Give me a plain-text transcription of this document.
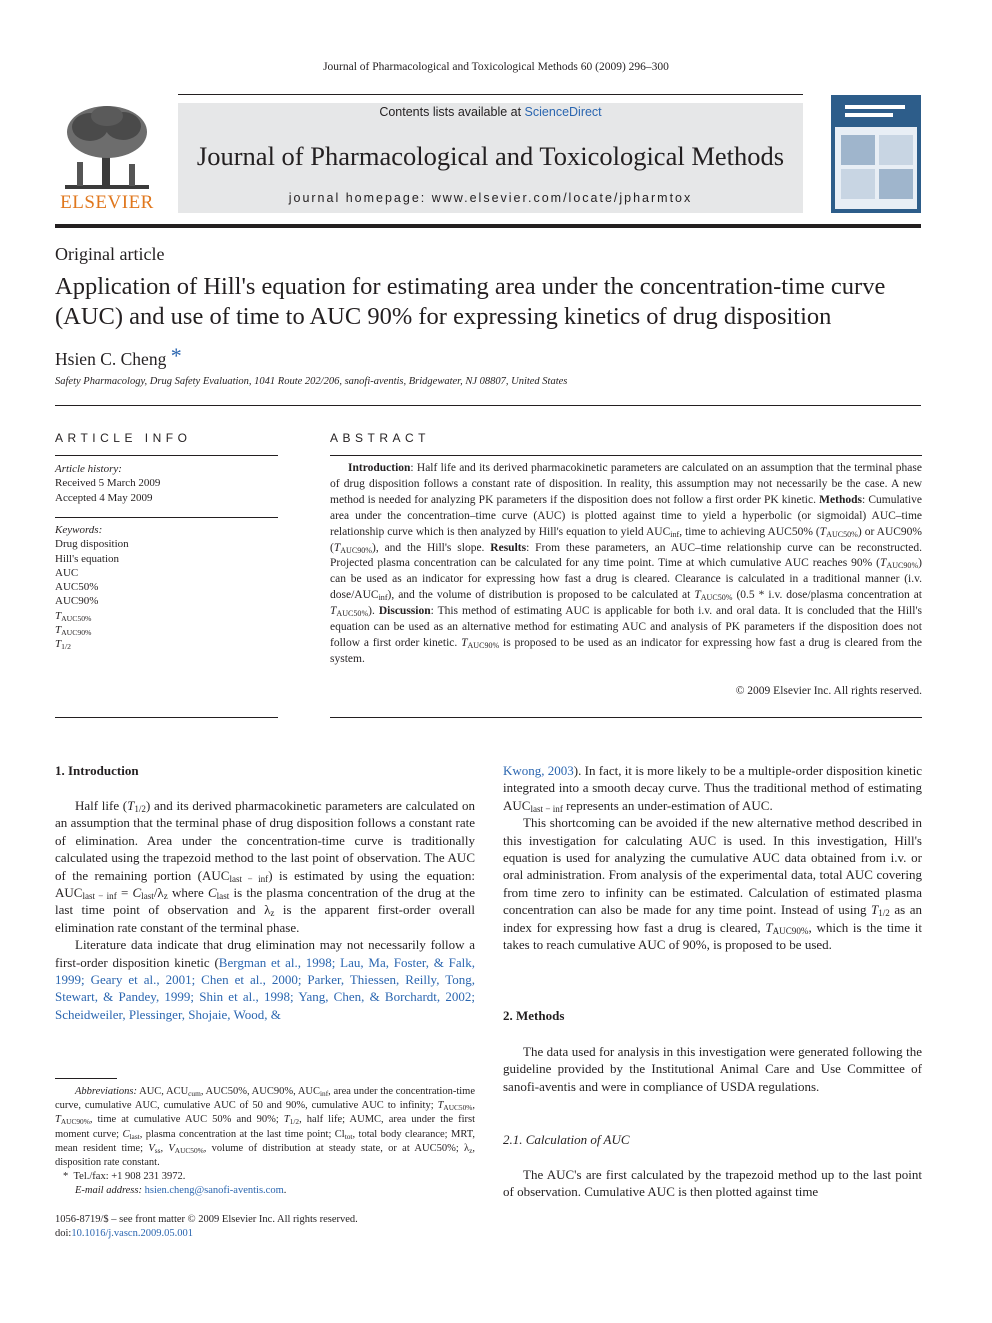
Journal of Pharmacological and Toxicological Methods 60 (2009) 296–300
ELSEVIER
Contents lists available at ScienceDirect
Journal of Pharmacological and Toxicological Methods
journal homepage: www.elsevier.com/locate/jpharmtox
Original article
Application of Hill's equation for estimating area under the concentration-time curve (AUC) and use of time to AUC 90% for expressing kinetics of drug disposition
Hsien C. Cheng *
Safety Pharmacology, Drug Safety Evaluation, 1041 Route 202/206, sanofi-aventis, Bridgewater, NJ 08807, United States
ARTICLE INFO
Article history:
Received 5 March 2009
Accepted 4 May 2009
Keywords:
Drug disposition
Hill's equation
AUC
AUC50%
AUC90%
$T_{AUC50\%}$
$T_{AUC90\%}$
$T_{1/2}$
ABSTRACT
Introduction: Half life and its derived pharmacokinetic parameters are calculated on an assumption that the terminal phase of drug disposition follows a constant rate of disposition. In reality, this assumption may not necessarily be the case. A new method is needed for analyzing PK parameters if the disposition does not follow a first order PK kinetic. Methods: Cumulative area under the concentration–time curve (AUC) is plotted against time to yield a hyperbolic (or sigmoidal) AUC–time relationship curve which is then analyzed by Hill's equation to yield $AUC_{inf}$, time to achieving AUC50% $(T_{AUC50\%})$ or AUC90% $(T_{AUC90\%})$, and the Hill's slope. Results: From these parameters, an AUC–time relationship curve can be reconstructed. Projected plasma concentration can be calculated for any time point. Time at which cumulative AUC reaches 90% $(T_{AUC90\%})$ can be used as an indicator for expressing how fast a drug is cleared. Clearance is calculated in a traditional manner (i.v. dose/$AUC_{inf}$), and the volume of distribution is proposed to be calculated at $T_{AUC50\%}$ (0.5 * i.v. dose/plasma concentration at $T_{AUC50\%}$). Discussion: This method of estimating AUC is applicable for both i.v. and oral data. It is concluded that the Hill's equation can be used as an alternative method for estimating AUC and analysis of PK parameters if the disposition does not follow a first order kinetic. $T_{AUC90\%}$ is proposed to be used as an indicator for expressing how fast a drug is cleared from the system.
© 2009 Elsevier Inc. All rights reserved.
1. Introduction

Half life $(T_{1/2})$ and its derived pharmacokinetic parameters are calculated on an assumption that the terminal phase of drug disposition follows a constant rate of elimination. Area under the concentration-time curve is traditionally calculated using the trapezoid method to the last point of observation. The AUC of the remaining portion $(AUC_{last - inf})$ is estimated by using the equation: $AUC_{last - inf} = C_{last}/\lambda_z$ where $C_{last}$ is the plasma concentration of the drug at the last time point of observation and $\lambda_z$ is the apparent first-order overall elimination rate constant of the terminal phase.

Literature data indicate that drug elimination may not necessarily follow a first-order disposition kinetic (Bergman et al., 1998; Lau, Ma, Foster, & Falk, 1999; Geary et al., 2001; Chen et al., 2000; Parker, Thiessen, Reilly, Tong, Stewart, & Pandey, 1999; Shin et al., 1998; Yang, Chen, & Borchardt, 2002; Scheidweiler, Plessinger, Shojaie, Wood, &

Abbreviations: AUC, $ACU_{cum}$, AUC50%, AUC90%, $AUC_{inf}$, area under the concentration-time curve, cumulative AUC, cumulative AUC of 50 and 90%, cumulative AUC to infinity; $T_{AUC50\%}$, $T_{AUC90\%}$, time at cumulative AUC 50% and 90%; $T_{1/2}$, half life; AUMC, area under the first moment curve; $C_{last}$, plasma concentration at the last time point; $Cl_{tot}$, total body clearance; MRT, mean resident time; $V_{ss}$, $V_{AUC50\%}$, volume of distribution at steady state, or at AUC50%; $\lambda_z$, disposition rate constant.
*  Tel./fax: +1 908 231 3972.
E-mail address: hsien.cheng@sanofi-aventis.com.
1056-8719/$ – see front matter © 2009 Elsevier Inc. All rights reserved.
doi:10.1016/j.vascn.2009.05.001

Kwong, 2003). In fact, it is more likely to be a multiple-order disposition kinetic integrated into a smooth decay curve. Thus the traditional method of estimating $AUC_{last - inf}$ represents an under-estimation of AUC.

This shortcoming can be avoided if the new alternative method described in this investigation for calculating AUC is used. In this investigation, Hill's equation is used for analyzing the cumulative AUC data obtained from i.v. or oral administration. From analysis of the experimental data, total AUC covering from time zero to infinity can be estimated. Calculation of estimated plasma concentration can also be made for any time point. Instead of using $T_{1/2}$ as an index for expressing how fast a drug is cleared, $T_{AUC90\%}$, which is the time it takes to reach cumulative AUC of 90%, is proposed to be used.

2. Methods

The data used for analysis in this investigation were generated following the guideline provided by the Institutional Animal Care and Use Committee of sanofi-aventis and were in compliance of USDA regulations.

2.1. Calculation of AUC

The AUC's are first calculated by the trapezoid method up to the last point of observation. Cumulative AUC is then plotted against time
